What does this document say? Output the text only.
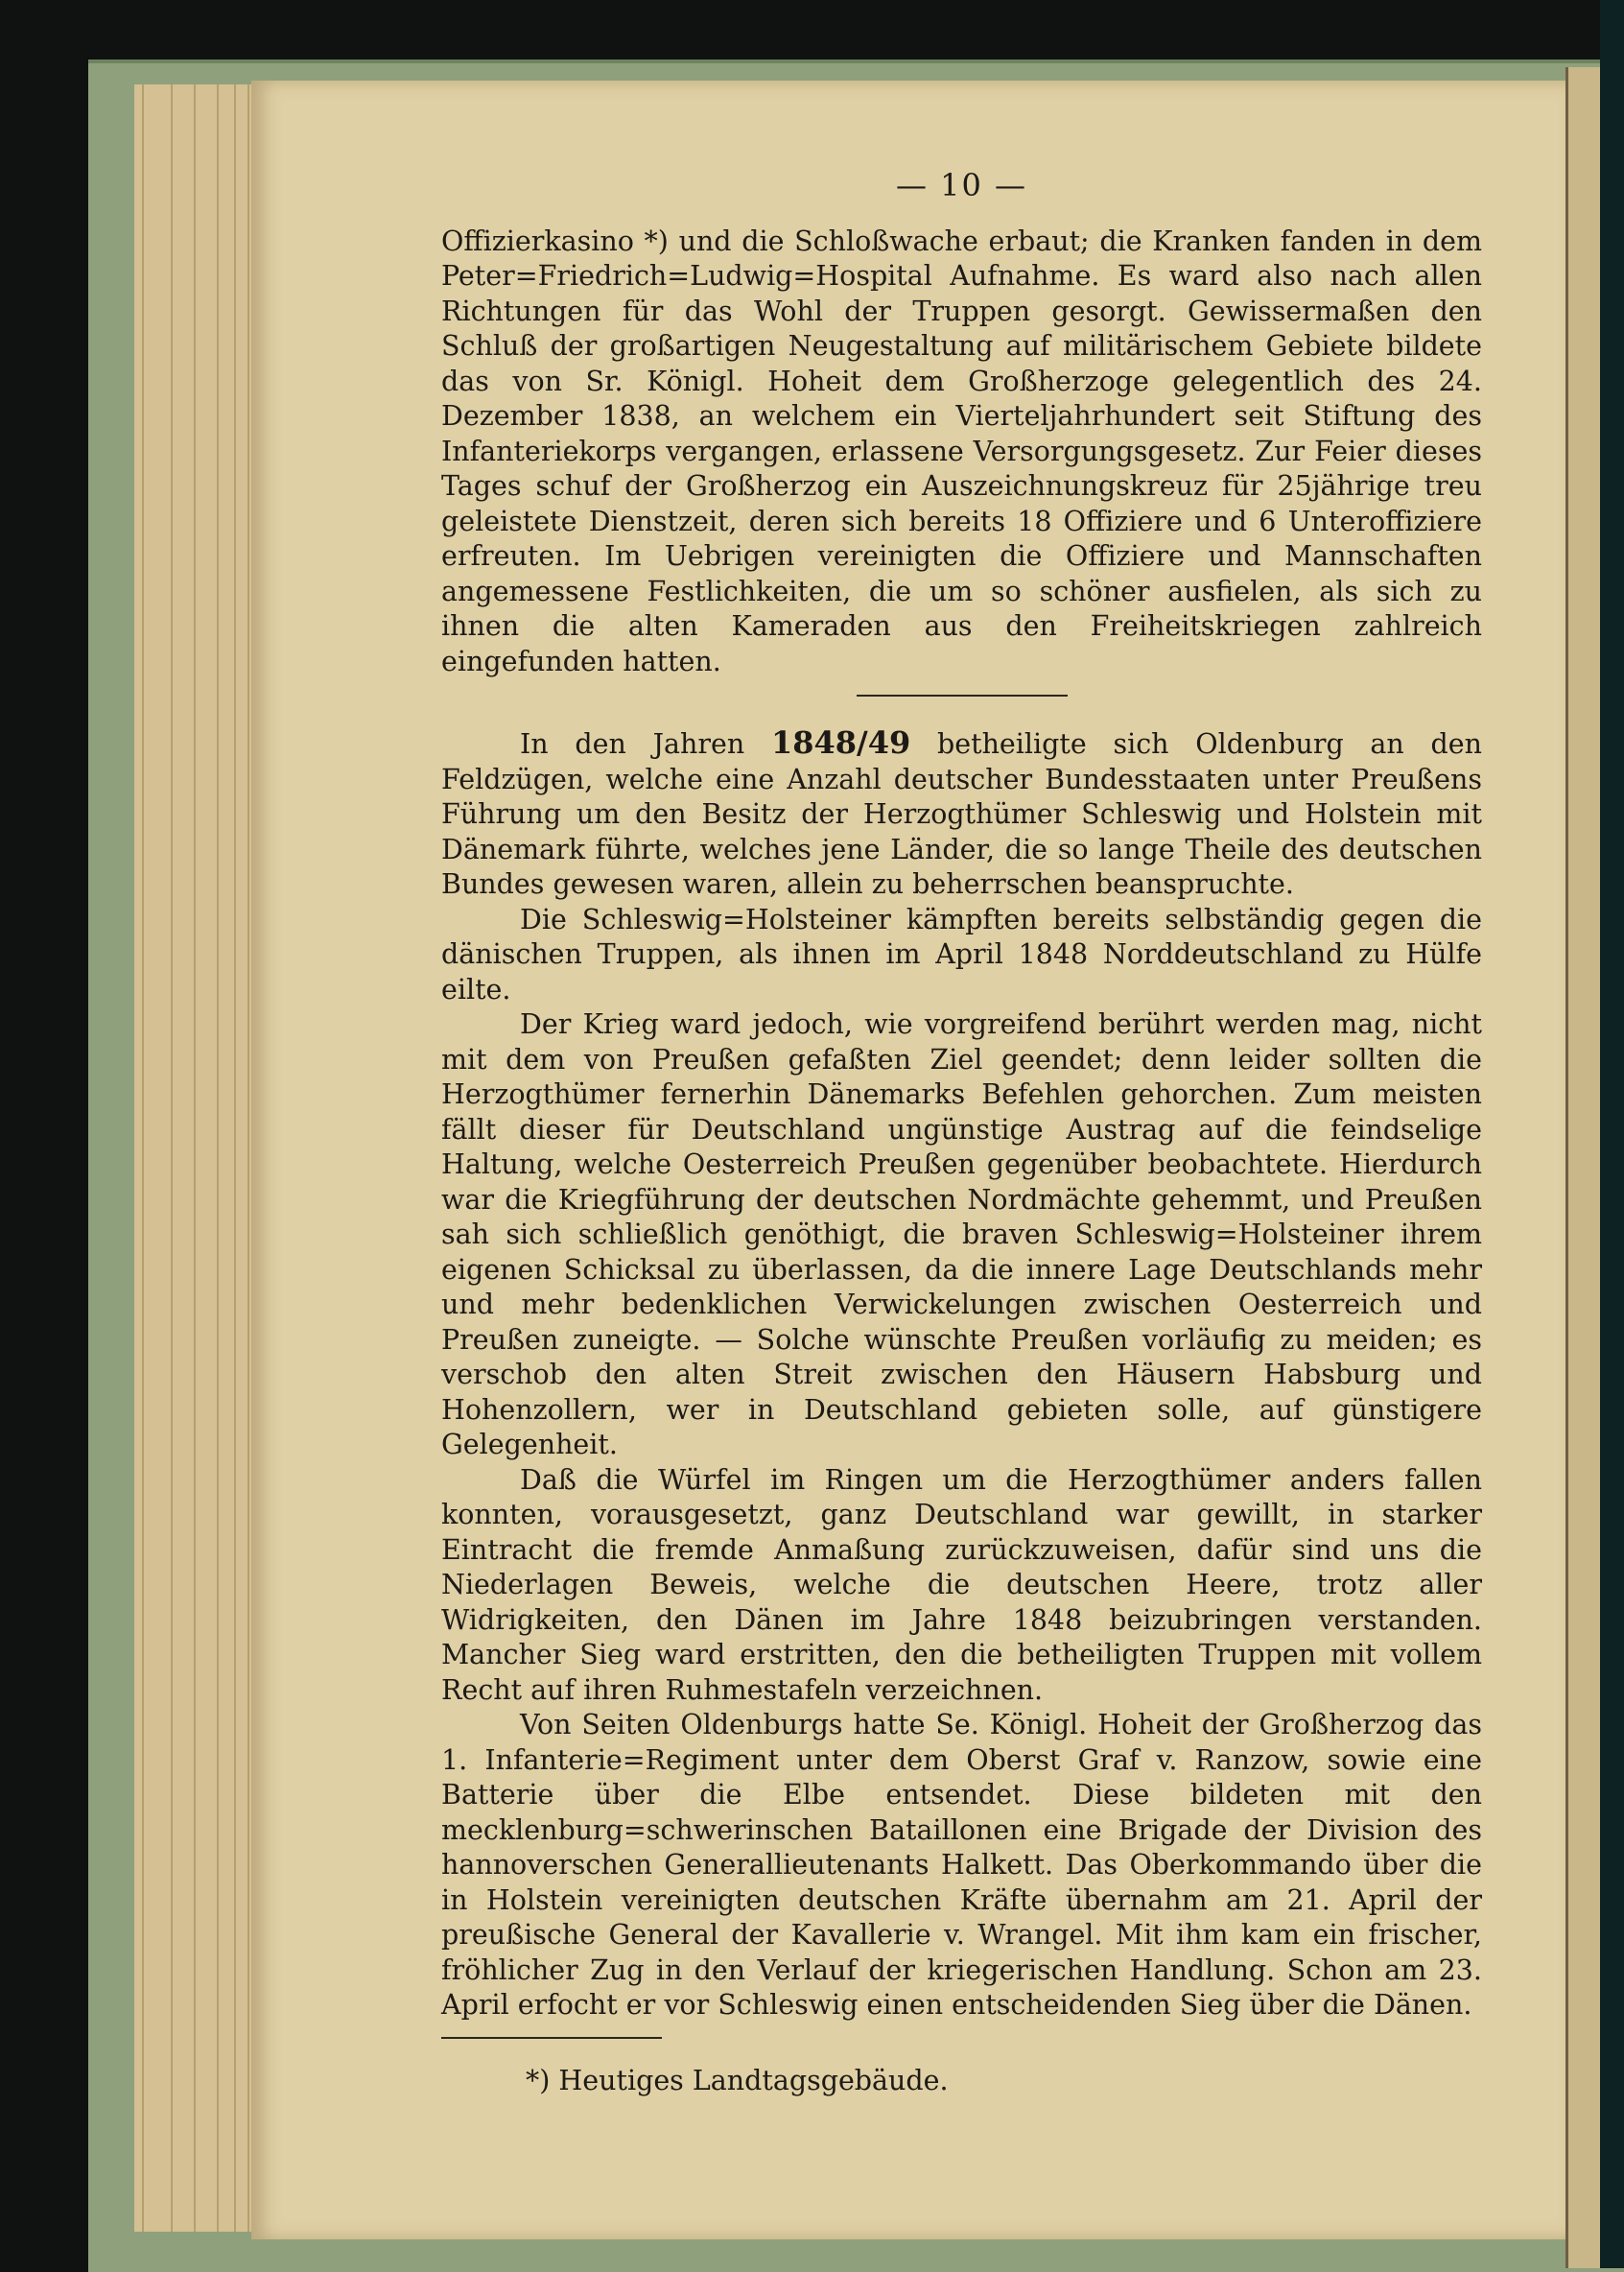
— 10 —

Offizierkasino *) und die Schloßwache erbaut; die Kranken fanden in dem Peter=Friedrich=Ludwig=Hospital Aufnahme. Es ward also nach allen Richtungen für das Wohl der Truppen gesorgt. Gewissermaßen den Schluß der großartigen Neugestaltung auf militärischem Gebiete bildete das von Sr. Königl. Hoheit dem Großherzoge gelegentlich des 24. Dezember 1838, an welchem ein Vierteljahrhundert seit Stiftung des Infanteriekorps vergangen, erlassene Versorgungsgesetz. Zur Feier dieses Tages schuf der Großherzog ein Auszeichnungskreuz für 25jährige treu geleistete Dienstzeit, deren sich bereits 18 Offiziere und 6 Unteroffiziere erfreuten. Im Uebrigen vereinigten die Offiziere und Mannschaften angemessene Festlichkeiten, die um so schöner ausfielen, als sich zu ihnen die alten Kameraden aus den Freiheitskriegen zahlreich eingefunden hatten.

In den Jahren 1848/49 betheiligte sich Oldenburg an den Feldzügen, welche eine Anzahl deutscher Bundesstaaten unter Preußens Führung um den Besitz der Herzogthümer Schleswig und Holstein mit Dänemark führte, welches jene Länder, die so lange Theile des deutschen Bundes gewesen waren, allein zu beherrschen beanspruchte.

Die Schleswig=Holsteiner kämpften bereits selbständig gegen die dänischen Truppen, als ihnen im April 1848 Norddeutschland zu Hülfe eilte.

Der Krieg ward jedoch, wie vorgreifend berührt werden mag, nicht mit dem von Preußen gefaßten Ziel geendet; denn leider sollten die Herzogthümer fernerhin Dänemarks Befehlen gehorchen. Zum meisten fällt dieser für Deutschland ungünstige Austrag auf die feindselige Haltung, welche Oesterreich Preußen gegenüber beobachtete. Hierdurch war die Kriegführung der deutschen Nordmächte gehemmt, und Preußen sah sich schließlich genöthigt, die braven Schleswig=Holsteiner ihrem eigenen Schicksal zu überlassen, da die innere Lage Deutschlands mehr und mehr bedenklichen Verwickelungen zwischen Oesterreich und Preußen zuneigte. — Solche wünschte Preußen vorläufig zu meiden; es verschob den alten Streit zwischen den Häusern Habsburg und Hohenzollern, wer in Deutschland gebieten solle, auf günstigere Gelegenheit.

Daß die Würfel im Ringen um die Herzogthümer anders fallen konnten, vorausgesetzt, ganz Deutschland war gewillt, in starker Eintracht die fremde Anmaßung zurückzuweisen, dafür sind uns die Niederlagen Beweis, welche die deutschen Heere, trotz aller Widrigkeiten, den Dänen im Jahre 1848 beizubringen verstanden. Mancher Sieg ward erstritten, den die betheiligten Truppen mit vollem Recht auf ihren Ruhmestafeln verzeichnen.

Von Seiten Oldenburgs hatte Se. Königl. Hoheit der Großherzog das 1. Infanterie=Regiment unter dem Oberst Graf v. Ranzow, sowie eine Batterie über die Elbe entsendet. Diese bildeten mit den mecklenburg=schwerinschen Bataillonen eine Brigade der Division des hannoverschen Generallieutenants Halkett. Das Oberkommando über die in Holstein vereinigten deutschen Kräfte übernahm am 21. April der preußische General der Kavallerie v. Wrangel. Mit ihm kam ein frischer, fröhlicher Zug in den Verlauf der kriegerischen Handlung. Schon am 23. April erfocht er vor Schleswig einen entscheidenden Sieg über die Dänen.

*) Heutiges Landtagsgebäude.
